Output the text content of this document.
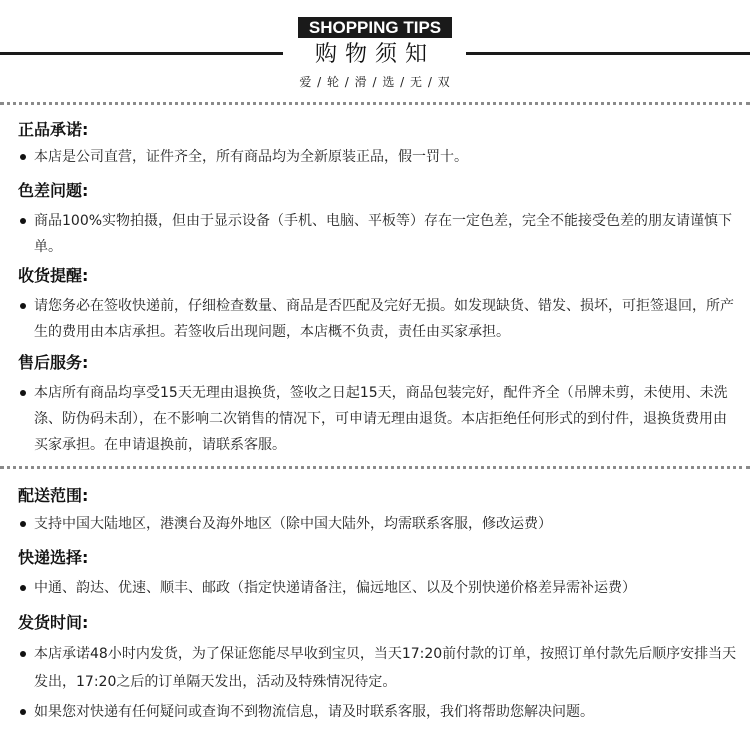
SHOPPING TIPS
购物须知
爱 / 轮 / 滑 / 选 / 无 / 双
正品承诺:

本店是公司直营，证件齐全，所有商品均为全新原装正品，假一罚十。

色差问题:

商品100%实物拍摄，但由于显示设备（手机、电脑、平板等）存在一定色差，完全不能接受色差的朋友请谨慎下单。

收货提醒:

请您务必在签收快递前，仔细检查数量、商品是否匹配及完好无损。如发现缺货、错发、损坏，可拒签退回，所产生的费用由本店承担。若签收后出现问题，本店概不负责，责任由买家承担。

售后服务:

本店所有商品均享受15天无理由退换货，签收之日起15天，商品包装完好，配件齐全（吊牌未剪，未使用、未洗涤、防伪码未刮），在不影响二次销售的情况下，可申请无理由退货。本店拒绝任何形式的到付件，退换货费用由买家承担。在申请退换前，请联系客服。

配送范围:

支持中国大陆地区，港澳台及海外地区（除中国大陆外，均需联系客服，修改运费）

快递选择:

中通、韵达、优速、顺丰、邮政（指定快递请备注，偏远地区、以及个别快递价格差异需补运费）

发货时间:

本店承诺48小时内发货，为了保证您能尽早收到宝贝，当天17:20前付款的订单，按照订单付款先后顺序安排当天发出，17:20之后的订单隔天发出，活动及特殊情况待定。

如果您对快递有任何疑问或查询不到物流信息，请及时联系客服，我们将帮助您解决问题。
